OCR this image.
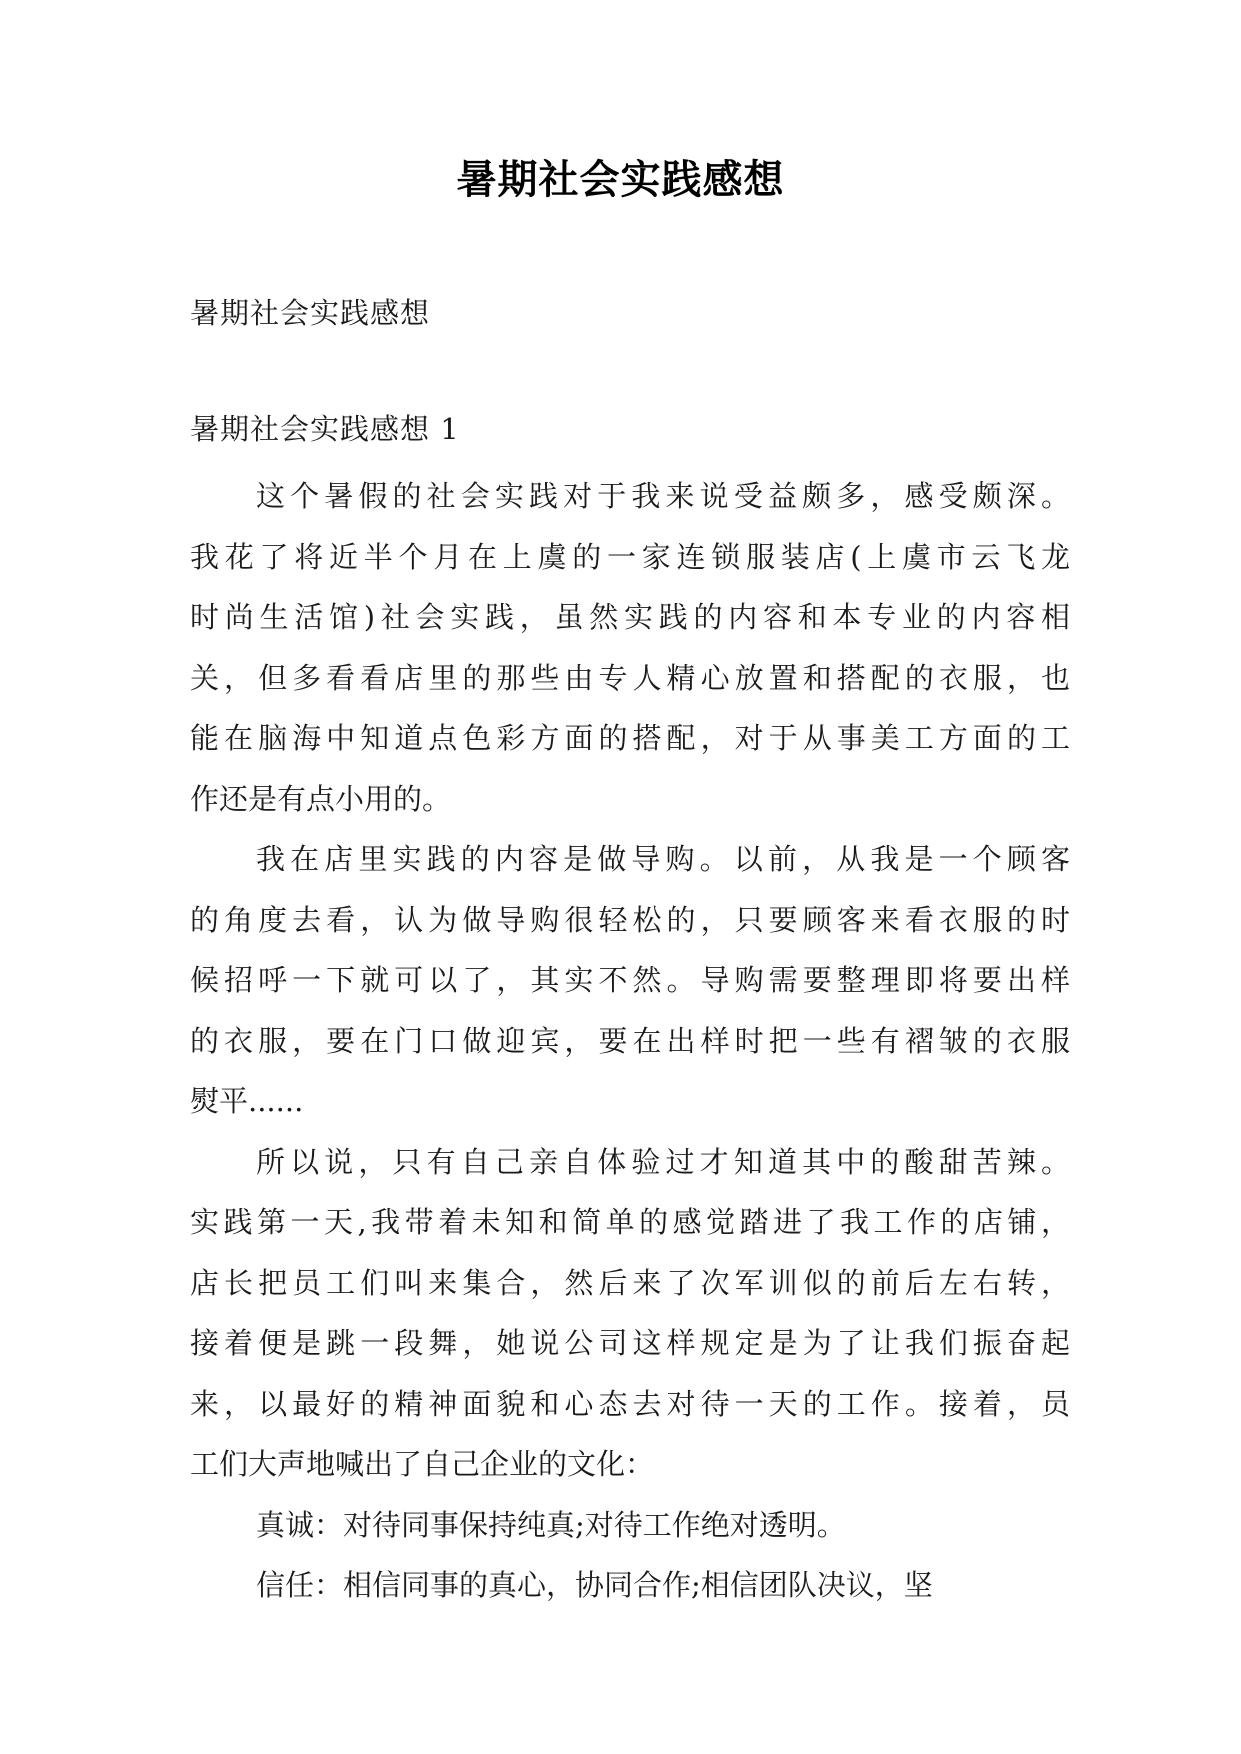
暑期社会实践感想
暑期社会实践感想
暑期社会实践感想 1

这个暑假的社会实践对于我来说受益颇多，感受颇深。
我花了将近半个月在上虞的一家连锁服装店(上虞市云飞龙
时尚生活馆)社会实践，虽然实践的内容和本专业的内容相
关，但多看看店里的那些由专人精心放置和搭配的衣服，也
能在脑海中知道点色彩方面的搭配，对于从事美工方面的工
作还是有点小用的。

我在店里实践的内容是做导购。以前，从我是一个顾客
的角度去看，认为做导购很轻松的，只要顾客来看衣服的时
候招呼一下就可以了，其实不然。导购需要整理即将要出样
的衣服，要在门口做迎宾，要在出样时把一些有褶皱的衣服
熨平......

所以说，只有自己亲自体验过才知道其中的酸甜苦辣。
实践第一天,我带着未知和简单的感觉踏进了我工作的店铺，
店长把员工们叫来集合，然后来了次军训似的前后左右转，
接着便是跳一段舞，她说公司这样规定是为了让我们振奋起
来，以最好的精神面貌和心态去对待一天的工作。接着，员
工们大声地喊出了自己企业的文化：

真诚：对待同事保持纯真;对待工作绝对透明。

信任：相信同事的真心，协同合作;相信团队决议，坚
